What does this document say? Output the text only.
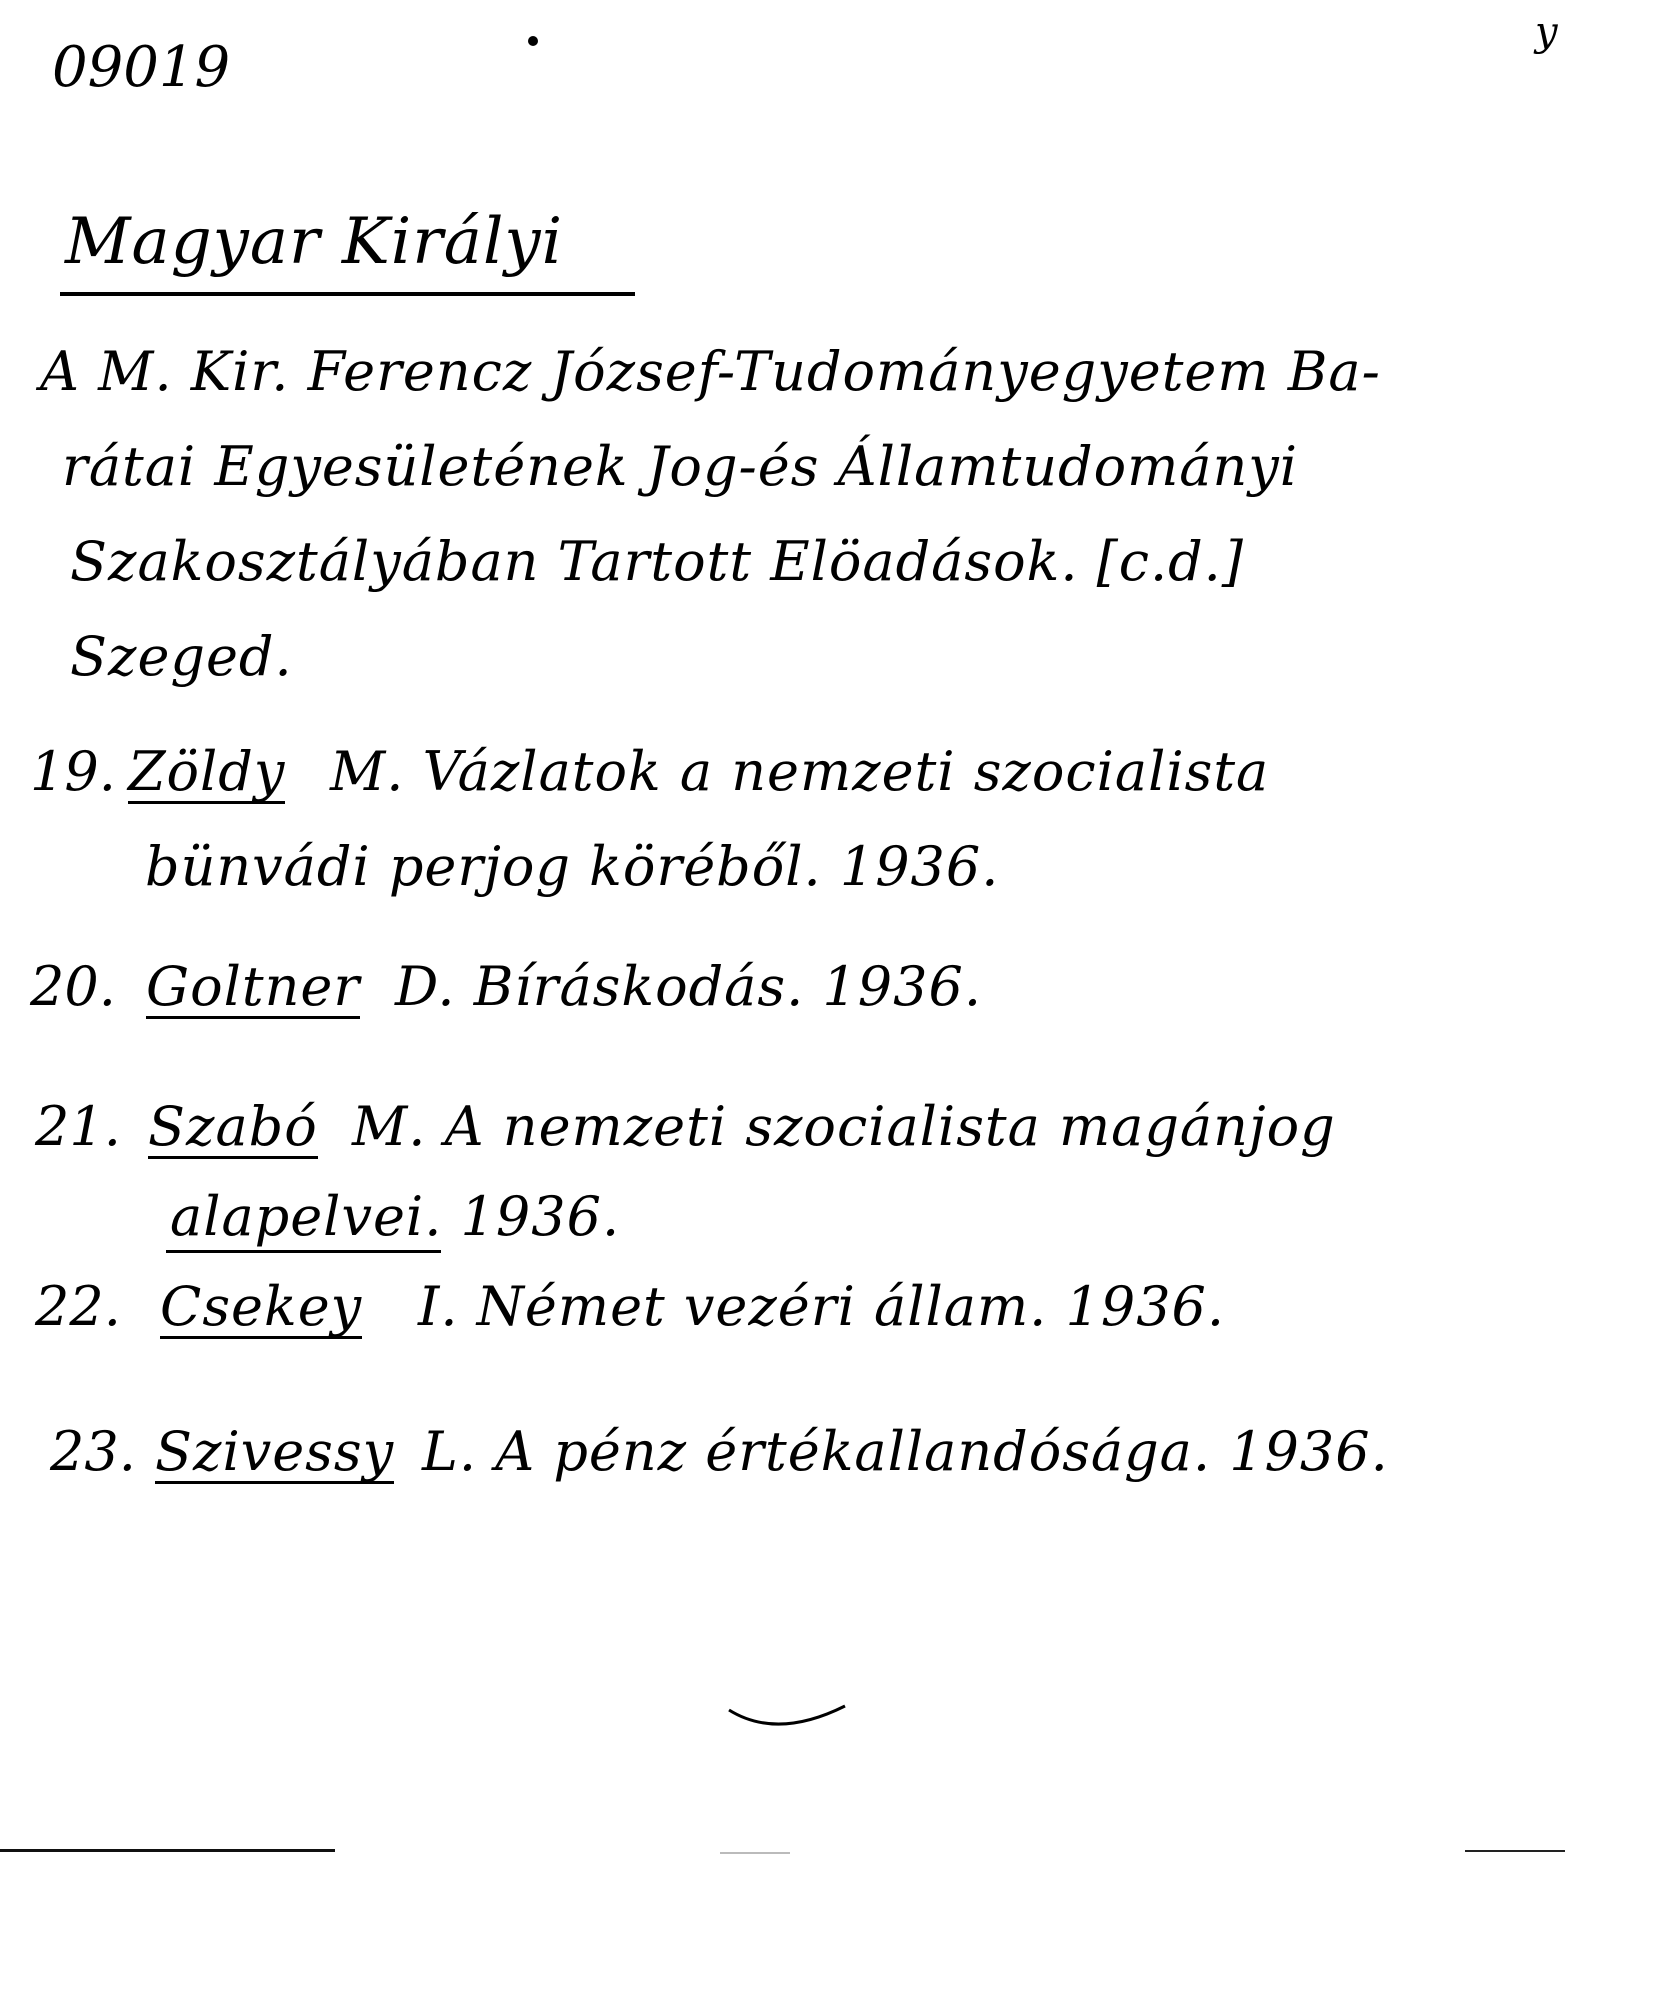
09019
y
Magyar Királyi
A M. Kir. Ferencz József-Tudományegyetem Ba-
rátai Egyesületének Jog-és Államtudományi
Szakosztályában Tartott Elöadások. [c.d.]
Szeged.
19. Zöldy M. Vázlatok a nemzeti szocialista
bünvádi perjog köréből. 1936.
20. Goltner D. Bíráskodás. 1936.
21. Szabó M. A nemzeti szocialista magánjog
alapelvei. 1936.
22. Csekey I. Német vezéri állam. 1936.
23. Szivessy L. A pénz értékallandósága. 1936.
